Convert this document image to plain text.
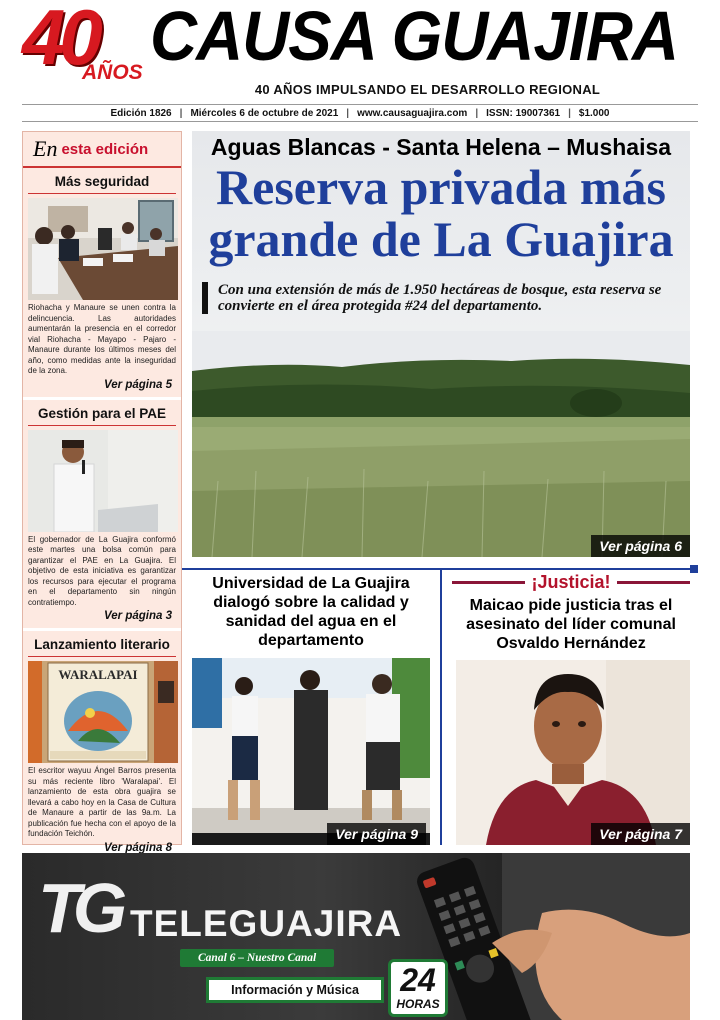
40
AÑOS CAUSA GUAJIRA
40 AÑOS IMPULSANDO EL DESARROLLO REGIONAL
Edición 1826 | Miércoles 6 de octubre de 2021 | www.causaguajira.com | ISSN: 19007361 | $1.000
En esta edición
Más seguridad
Riohacha y Manaure se unen contra la delincuencia. Las autoridades aumentarán la presencia en el corredor vial Riohacha - Mayapo - Pajaro - Manaure durante los últimos meses del año, como medidas ante la inseguridad de la zona.
Ver página 5
Gestión para el PAE
El gobernador de La Guajira conformó este martes una bolsa común para garantizar el PAE en La Guajira. El objetivo de esta iniciativa es garantizar los recursos para ejecutar el programa en el departamento sin ningún contratiempo.
Ver página 3
Lanzamiento literario
WARALAPAI
El escritor wayuu Ángel Barros presenta su más reciente libro 'Waralapai'. El lanzamiento de esta obra guajira se llevará a cabo hoy en la Casa de Cultura de Manaure a partir de las 9a.m. La publicación fue hecha con el apoyo de la fundación Teichón.
Ver página 8
Aguas Blancas - Santa Helena – Mushaisa
Reserva privada más grande de La Guajira
Con una extensión de más de 1.950 hectáreas de bosque, esta reserva se convierte en el área protegida #24 del departamento.
Ver página 6
Universidad de La Guajira dialogó sobre la calidad y sanidad del agua en el departamento
Ver página 9
¡Justicia!
Maicao pide justicia tras el asesinato del líder comunal Osvaldo Hernández
Ver página 7
TG TELEGUAJIRA
Canal 6 – Nuestro Canal
Información y Música	24
HORAS
